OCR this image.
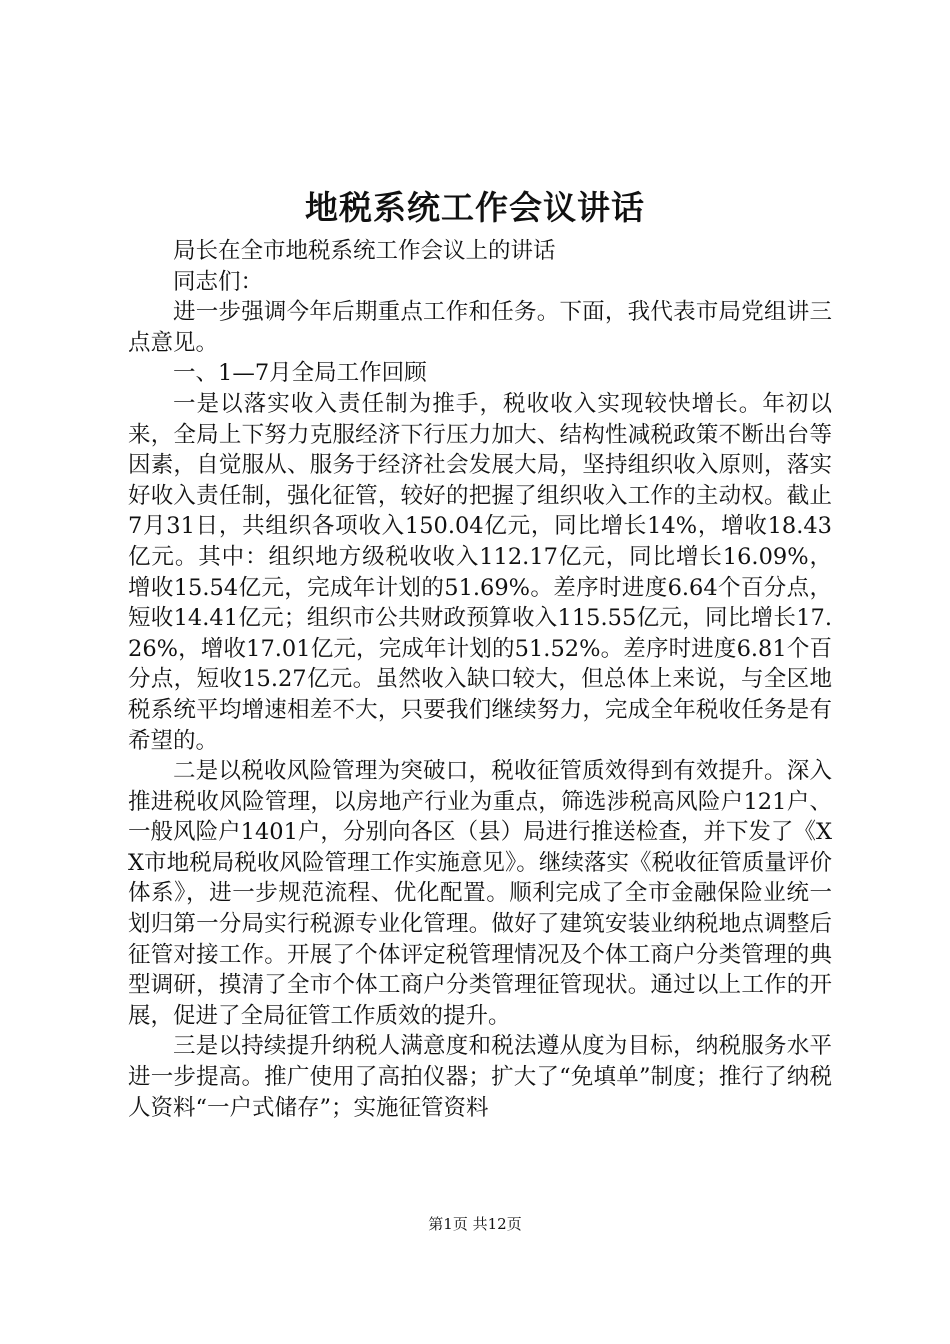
地税系统工作会议讲话

局长在全市地税系统工作会议上的讲话

同志们：

进一步强调今年后期重点工作和任务。下面，我代表市局党组讲三点意见。

一、1—7月全局工作回顾

一是以落实收入责任制为推手，税收收入实现较快增长。年初以来，全局上下努力克服经济下行压力加大、结构性减税政策不断出台等因素，自觉服从、服务于经济社会发展大局，坚持组织收入原则，落实好收入责任制，强化征管，较好的把握了组织收入工作的主动权。截止7月31日，共组织各项收入150.04亿元，同比增长14%，增收18.43亿元。其中：组织地方级税收收入112.17亿元，同比增长16.09%，增收15.54亿元，完成年计划的51.69%。差序时进度6.64个百分点，短收14.41亿元；组织市公共财政预算收入115.55亿元，同比增长17.26%，增收17.01亿元，完成年计划的51.52%。差序时进度6.81个百分点，短收15.27亿元。虽然收入缺口较大，但总体上来说，与全区地税系统平均增速相差不大，只要我们继续努力，完成全年税收任务是有希望的。

二是以税收风险管理为突破口，税收征管质效得到有效提升。深入推进税收风险管理，以房地产行业为重点，筛选涉税高风险户121户、一般风险户1401户，分别向各区（县）局进行推送检查，并下发了《XX市地税局税收风险管理工作实施意见》。继续落实《税收征管质量评价体系》，进一步规范流程、优化配置。顺利完成了全市金融保险业统一划归第一分局实行税源专业化管理。做好了建筑安装业纳税地点调整后征管对接工作。开展了个体评定税管理情况及个体工商户分类管理的典型调研，摸清了全市个体工商户分类管理征管现状。通过以上工作的开展，促进了全局征管工作质效的提升。

三是以持续提升纳税人满意度和税法遵从度为目标，纳税服务水平进一步提高。推广使用了高拍仪器；扩大了“免填单”制度；推行了纳税人资料“一户式储存”；实施征管资料

第1页 共12页
